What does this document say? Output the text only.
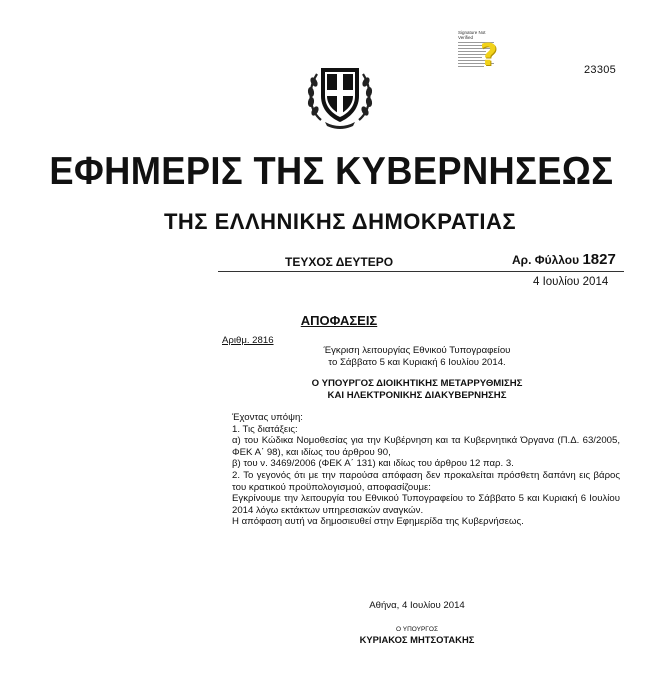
23305
Signature Not
Verified
?
ΕΦΗΜΕΡΙΣ ΤΗΣ ΚΥΒΕΡΝΗΣΕΩΣ
ΤΗΣ ΕΛΛΗΝΙΚΗΣ ΔΗΜΟΚΡΑΤΙΑΣ
ΤΕΥΧΟΣ ΔΕΥΤΕΡΟ	Αρ. Φύλλου 1827
4 Ιουλίου 2014
ΑΠΟΦΑΣΕΙΣ
Αριθμ. 2816
Έγκριση λειτουργίας Εθνικού Τυπογραφείου
το Σάββατο 5 και Κυριακή 6 Ιουλίου 2014.
Ο ΥΠΟΥΡΓΟΣ ΔΙΟΙΚΗΤΙΚΗΣ ΜΕΤΑΡΡΥΘΜΙΣΗΣ
ΚΑΙ ΗΛΕΚΤΡΟΝΙΚΗΣ ΔΙΑΚΥΒΕΡΝΗΣΗΣ

Έχοντας υπόψη:

1. Τις διατάξεις:

α) του Κώδικα Νομοθεσίας για την Κυβέρνηση και τα Κυβερνητικά Όργανα (Π.Δ. 63/2005, ΦΕΚ Α΄ 98), και ιδίως του άρθρου 90,

β) του ν. 3469/2006 (ΦΕΚ Α΄ 131) και ιδίως του άρθρου 12 παρ. 3.

2. Το γεγονός ότι με την παρούσα απόφαση δεν προκαλείται πρόσθετη δαπάνη εις βάρος του κρατικού προϋπολογισμού, αποφασίζουμε:

Εγκρίνουμε την λειτουργία του Εθνικού Τυπογραφείου το Σάββατο 5 και Κυριακή 6 Ιουλίου 2014 λόγω εκτάκτων υπηρεσιακών αναγκών.

Η απόφαση αυτή να δημοσιευθεί στην Εφημερίδα της Κυβερνήσεως.

Αθήνα, 4 Ιουλίου 2014
Ο ΥΠΟΥΡΓΟΣ
ΚΥΡΙΑΚΟΣ ΜΗΤΣΟΤΑΚΗΣ
